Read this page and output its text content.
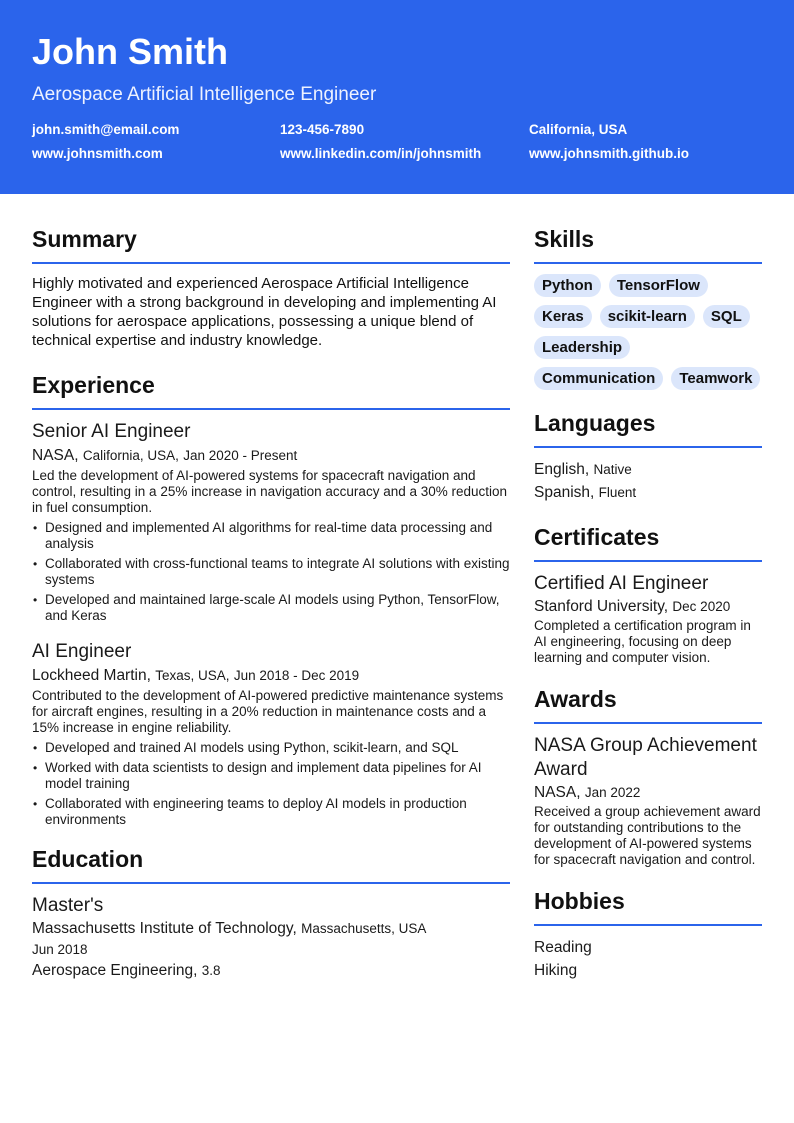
John Smith
Aerospace Artificial Intelligence Engineer
john.smith@email.com	123-456-7890	California, USA
www.johnsmith.com	www.linkedin.com/in/johnsmith	www.johnsmith.github.io
Summary
Highly motivated and experienced Aerospace Artificial Intelligence Engineer with a strong background in developing and implementing AI solutions for aerospace applications, possessing a unique blend of technical expertise and industry knowledge.
Experience
Senior AI Engineer
NASA, California, USA, Jan 2020 - Present
Led the development of AI-powered systems for spacecraft navigation and control, resulting in a 25% increase in navigation accuracy and a 30% reduction in fuel consumption.
• Designed and implemented AI algorithms for real-time data processing and analysis
• Collaborated with cross-functional teams to integrate AI solutions with existing systems
• Developed and maintained large-scale AI models using Python, TensorFlow, and Keras
AI Engineer
Lockheed Martin, Texas, USA, Jun 2018 - Dec 2019
Contributed to the development of AI-powered predictive maintenance systems for aircraft engines, resulting in a 20% reduction in maintenance costs and a 15% increase in engine reliability.
• Developed and trained AI models using Python, scikit-learn, and SQL
• Worked with data scientists to design and implement data pipelines for AI model training
• Collaborated with engineering teams to deploy AI models in production environments
Education
Master's
Massachusetts Institute of Technology, Massachusetts, USA
Jun 2018
Aerospace Engineering, 3.8
Skills
Python	TensorFlow
Keras	scikit-learn	SQL
Leadership
Communication	Teamwork
Languages
English, Native
Spanish, Fluent
Certificates
Certified AI Engineer
Stanford University, Dec 2020
Completed a certification program in AI engineering, focusing on deep learning and computer vision.
Awards
NASA Group Achievement Award
NASA, Jan 2022
Received a group achievement award for outstanding contributions to the development of AI-powered systems for spacecraft navigation and control.
Hobbies
Reading
Hiking
